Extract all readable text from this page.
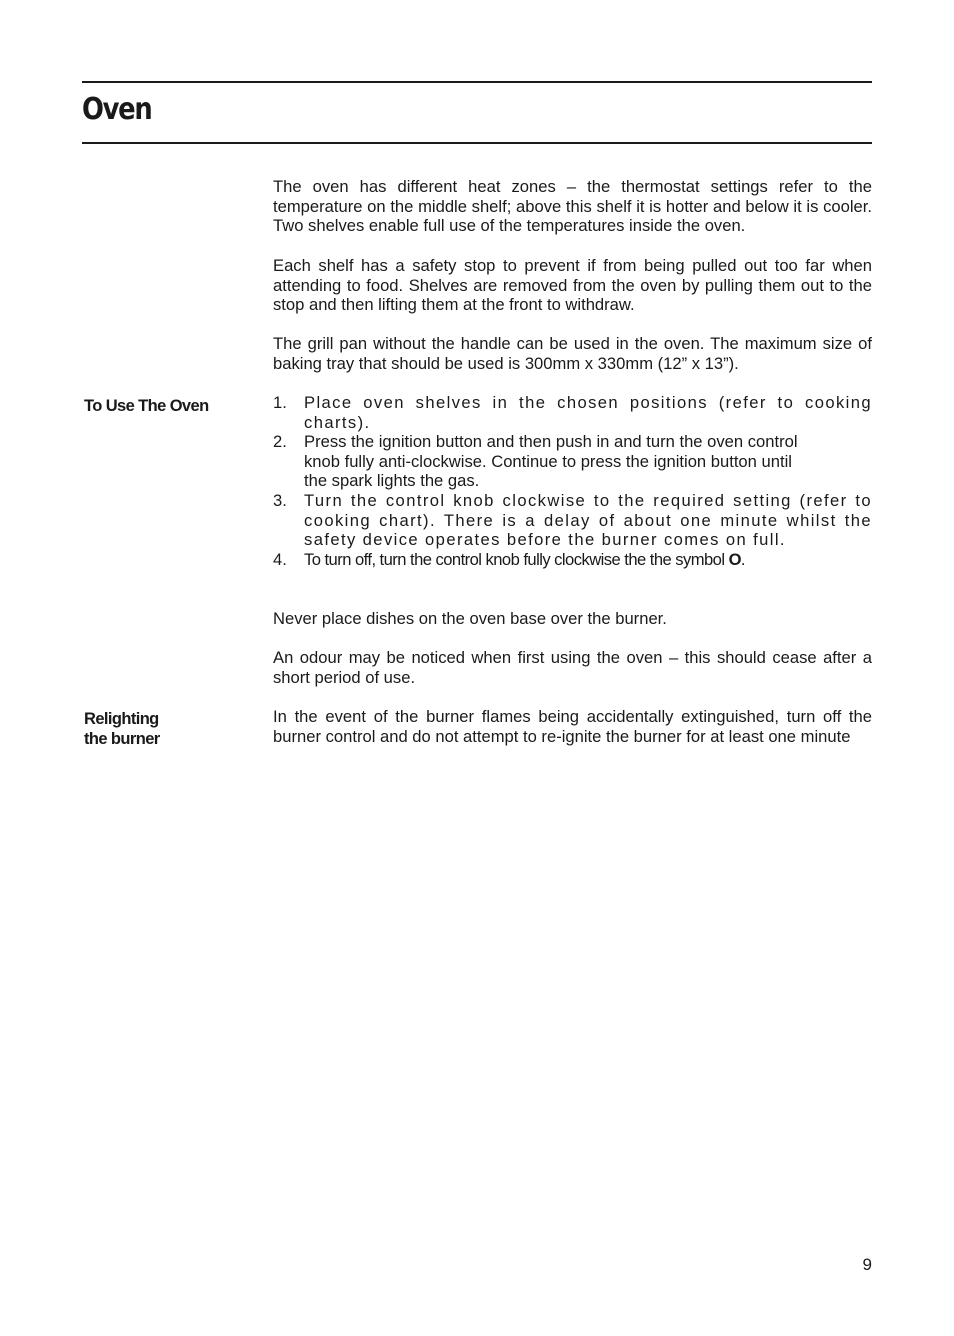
Oven

The oven has different heat zones – the thermostat settings refer to the temperature on the middle shelf; above this shelf it is hotter and below it is cooler. Two shelves enable full use of the temperatures inside the oven.

Each shelf has a safety stop to prevent if from being pulled out too far when attending to food. Shelves are removed from the oven by pulling them out to the stop and then lifting them at the front to withdraw.

The grill pan without the handle can be used in the oven. The maximum size of baking tray that should be used is 300mm x 330mm (12” x 13”).

To Use The Oven	1.	Place oven shelves in the chosen positions (refer to cooking charts).
2.	Press the ignition button and then push in and turn the oven control knob fully anti-clockwise. Continue to press the ignition button until the spark lights the gas.
3.	Turn the control knob clockwise to the required setting (refer to cooking chart). There is a delay of about one minute whilst the safety device operates before the burner comes on full.
4.	To turn off, turn the control knob fully clockwise the the symbol O.

Never place dishes on the oven base over the burner.

An odour may be noticed when first using the oven – this should cease after a short period of use.

Relighting
the burner

In the event of the burner flames being accidentally extinguished, turn off the burner control and do not attempt to re-ignite the burner for at least one minute

9
